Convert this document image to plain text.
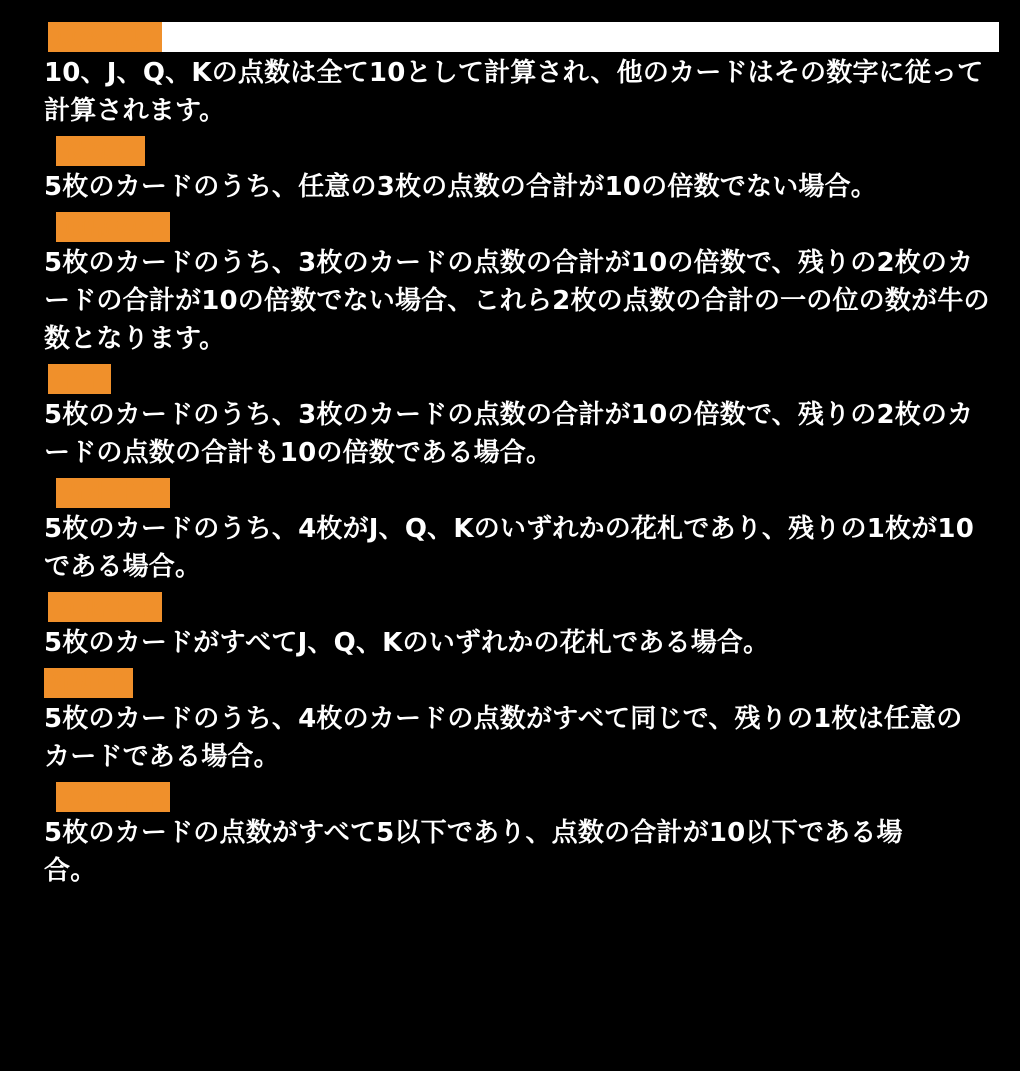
点数計算
10、J、Q、Kの点数は全て10として計算され、他のカードはその数字に従って計算されます。
役なし
5枚のカードのうち、任意の3枚の点数の合計が10の倍数でない場合。
通常の牛
5枚のカードのうち、3枚のカードの点数の合計が10の倍数で、残りの2枚のカードの合計が10の倍数でない場合、これら2枚の点数の合計の一の位の数が牛の数となります。
牛牛
5枚のカードのうち、3枚のカードの点数の合計が10の倍数で、残りの2枚のカードの点数の合計も10の倍数である場合。
五小牛牛
5枚のカードのうち、4枚がJ、Q、Kのいずれかの花札であり、残りの1枚が10である場合。
五花牛牛
5枚のカードがすべてJ、Q、Kのいずれかの花札である場合。
炸弾牛
5枚のカードのうち、4枚のカードの点数がすべて同じで、残りの1枚は任意のカードである場合。
五小牛牛
5枚のカードの点数がすべて5以下であり、点数の合計が10以下である場合。
